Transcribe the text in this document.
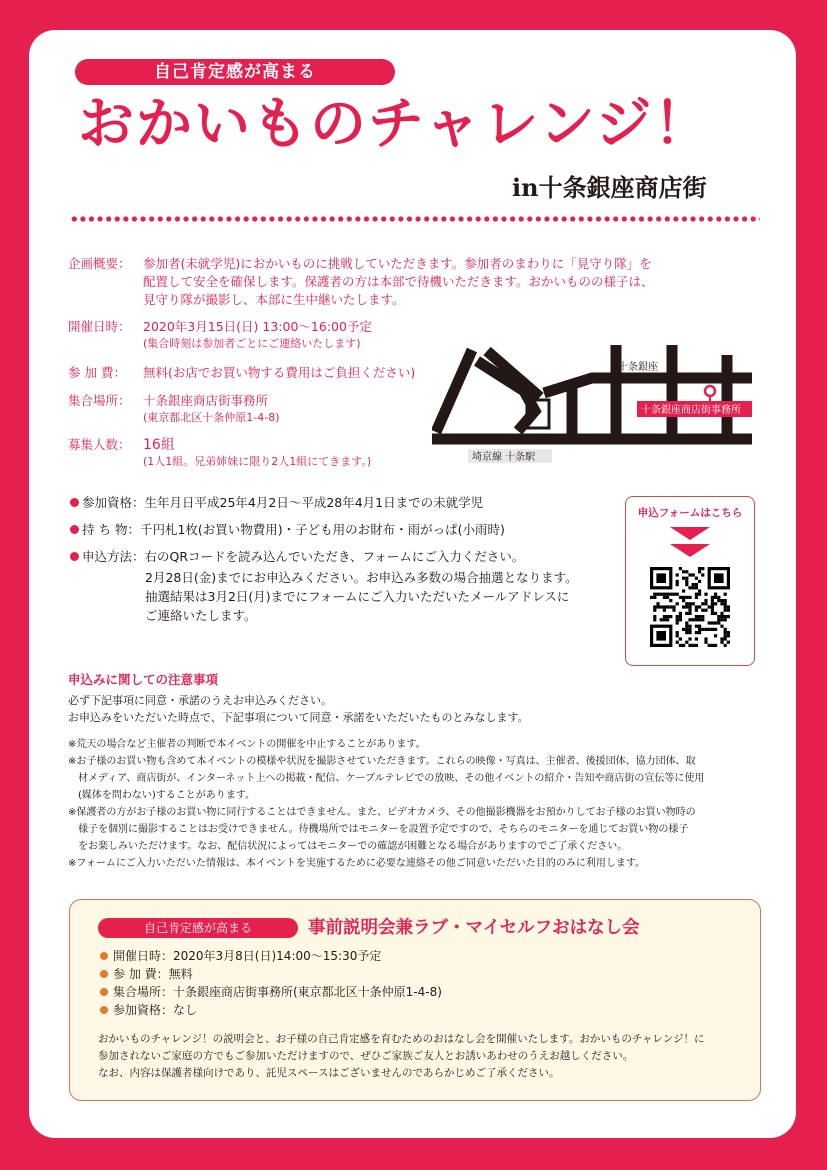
自己肯定感が高まる
おかいものチャレンジ！
in十条銀座商店街
企画概要： 参加者(未就学児)におかいものに挑戦していただきます。参加者のまわりに「見守り隊」を
配置して安全を確保します。保護者の方は本部で待機いただきます。おかいものの様子は、
見守り隊が撮影し、本部に生中継いたします。
開催日時： 2020年3月15日(日) 13:00〜16:00予定
(集合時刻は参加者ごとにご連絡いたします)
参 加 費：	無料(お店でお買い物する費用はご負担ください)
集合場所： 十条銀座商店街事務所
(東京都北区十条仲原1-4-8)
募集人数： 16組
(1人1組。兄弟姉妹に限り2人1組にてきます。)	埼京線 十条駅
十条銀座
十条銀座商店街事務所
参加資格：生年月日平成25年4月2日〜平成28年4月1日までの未就学児
持 ち 物：千円札1枚(お買い物費用)・子ども用のお財布・雨がっぱ(小雨時)
申込方法：右のQRコードを読み込んでいただき、フォームにご入力ください。
2月28日(金)までにお申込みください。お申込み多数の場合抽選となります。
抽選結果は3月2日(月)までにフォームにご入力いただいたメールアドレスに
ご連絡いたします。
申込フォームはこちら
申込みに関しての注意事項
必ず下記事項に同意・承諾のうえお申込みください。
お申込みをいただいた時点で、下記事項について同意・承諾をいただいたものとみなします。
※荒天の場合など主催者の判断で本イベントの開催を中止することがあります。
※お子様のお買い物も含めて本イベントの模様や状況を撮影させていただきます。これらの映像・写真は、主催者、後援団体、協力団体、取
材メディア、商店街が、インターネット上への掲載・配信、ケーブルテレビでの放映、その他イベントの紹介・告知や商店街の宣伝等に使用
(媒体を問わない)することがあります。
※保護者の方がお子様のお買い物に同行することはできません。また、ビデオカメラ、その他撮影機器をお預かりしてお子様のお買い物時の
様子を個別に撮影することはお受けできません。待機場所ではモニターを設置予定ですので、そちらのモニターを通じてお買い物の様子
をお楽しみいただけます。なお、配信状況によってはモニターでの確認が困難となる場合がありますのでご了承ください。
※フォームにご入力いただいた情報は、本イベントを実施するために必要な連絡その他ご同意いただいた目的のみに利用します。
自己肯定感が高まる	事前説明会兼ラブ・マイセルフおはなし会
開催日時：2020年3月8日(日)14:00〜15:30予定
参 加 費：無料
集合場所：十条銀座商店街事務所(東京都北区十条仲原1-4-8)
参加資格：なし
おかいものチャレンジ！の説明会と、お子様の自己肯定感を育むためのおはなし会を開催いたします。おかいものチャレンジ！に
参加されないご家庭の方でもご参加いただけますので、ぜひご家族ご友人とお誘いあわせのうえお越しください。
なお、内容は保護者様向けであり、託児スペースはございませんのであらかじめご了承ください。
